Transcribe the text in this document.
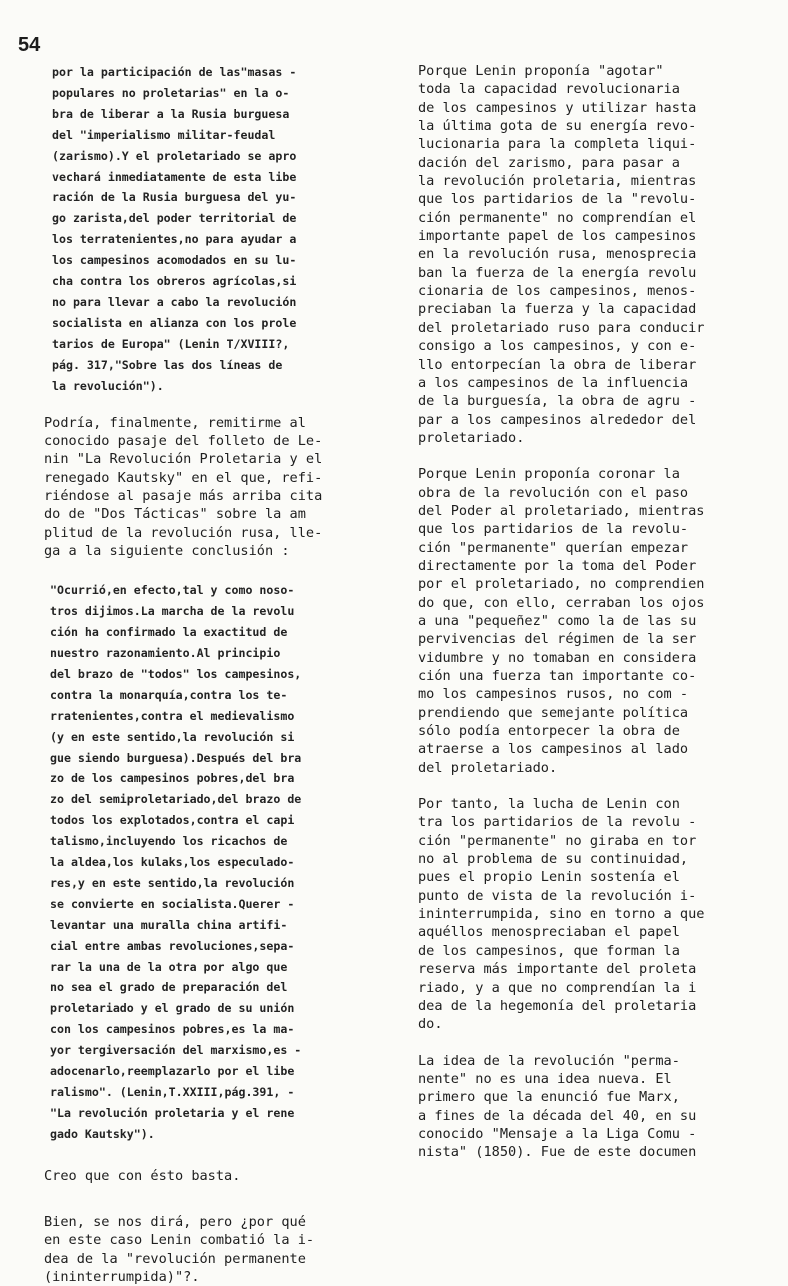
54
por la participación de las"masas -
populares no proletarias" en la o-
bra de liberar a la Rusia burguesa
del "imperialismo militar-feudal
(zarismo).Y el proletariado se apro
vechará inmediatamente de esta libe
ración de la Rusia burguesa del yu-
go zarista,del poder territorial de
los terratenientes,no para ayudar a
los campesinos acomodados en su lu-
cha contra los obreros agrícolas,si
no para llevar a cabo la revolución
socialista en alianza con los prole
tarios de Europa" (Lenin T/XVIII?,
pág. 317,"Sobre las dos líneas de
la revolución").
Podría, finalmente, remitirme al
conocido pasaje del folleto de Le-
nin "La Revolución Proletaria y el
renegado Kautsky" en el que, refi-
riéndose al pasaje más arriba cita
do de "Dos Tácticas" sobre la am
plitud de la revolución rusa, lle-
ga a la siguiente conclusión :
"Ocurrió,en efecto,tal y como noso-
tros dijimos.La marcha de la revolu
ción ha confirmado la exactitud de
nuestro razonamiento.Al principio
del brazo de "todos" los campesinos,
contra la monarquía,contra los te-
rratenientes,contra el medievalismo
(y en este sentido,la revolución si
gue siendo burguesa).Después del bra
zo de los campesinos pobres,del bra
zo del semiproletariado,del brazo de
todos los explotados,contra el capi
talismo,incluyendo los ricachos de
la aldea,los kulaks,los especulado-
res,y en este sentido,la revolución
se convierte en socialista.Querer -
levantar una muralla china artifi-
cial entre ambas revoluciones,sepa-
rar la una de la otra por algo que
no sea el grado de preparación del
proletariado y el grado de su unión
con los campesinos pobres,es la ma-
yor tergiversación del marxismo,es -
adocenarlo,reemplazarlo por el libe
ralismo". (Lenin,T.XXIII,pág.391, -
"La revolución proletaria y el rene
gado Kautsky").
Creo que con ésto basta.
Bien, se nos dirá, pero ¿por qué
en este caso Lenin combatió la i-
dea de la "revolución permanente
(ininterrumpida)"?.
Porque Lenin proponía "agotar"
toda la capacidad revolucionaria
de los campesinos y utilizar hasta
la última gota de su energía revo-
lucionaria para la completa liqui-
dación del zarismo, para pasar a
la revolución proletaria, mientras
que los partidarios de la "revolu-
ción permanente" no comprendían el
importante papel de los campesinos
en la revolución rusa, menosprecia
ban la fuerza de la energía revolu
cionaria de los campesinos, menos-
preciaban la fuerza y la capacidad
del proletariado ruso para conducir
consigo a los campesinos, y con e-
llo entorpecían la obra de liberar
a los campesinos de la influencia
de la burguesía, la obra de agru -
par a los campesinos alrededor del
proletariado.
Porque Lenin proponía coronar la
obra de la revolución con el paso
del Poder al proletariado, mientras
que los partidarios de la revolu-
ción "permanente" querían empezar
directamente por la toma del Poder
por el proletariado, no comprendien
do que, con ello, cerraban los ojos
a una "pequeñez" como la de las su
pervivencias del régimen de la ser
vidumbre y no tomaban en considera
ción una fuerza tan importante co-
mo los campesinos rusos, no com -
prendiendo que semejante política
sólo podía entorpecer la obra de
atraerse a los campesinos al lado
del proletariado.
Por tanto, la lucha de Lenin con
tra los partidarios de la revolu -
ción "permanente" no giraba en tor
no al problema de su continuidad,
pues el propio Lenin sostenía el
punto de vista de la revolución i-
ininterrumpida, sino en torno a que
aquéllos menospreciaban el papel
de los campesinos, que forman la
reserva más importante del proleta
riado, y a que no comprendían la i
dea de la hegemonía del proletaria
do.
La idea de la revolución "perma-
nente" no es una idea nueva. El
primero que la enunció fue Marx,
a fines de la década del 40, en su
conocido "Mensaje a la Liga Comu -
nista" (1850). Fue de este documen
